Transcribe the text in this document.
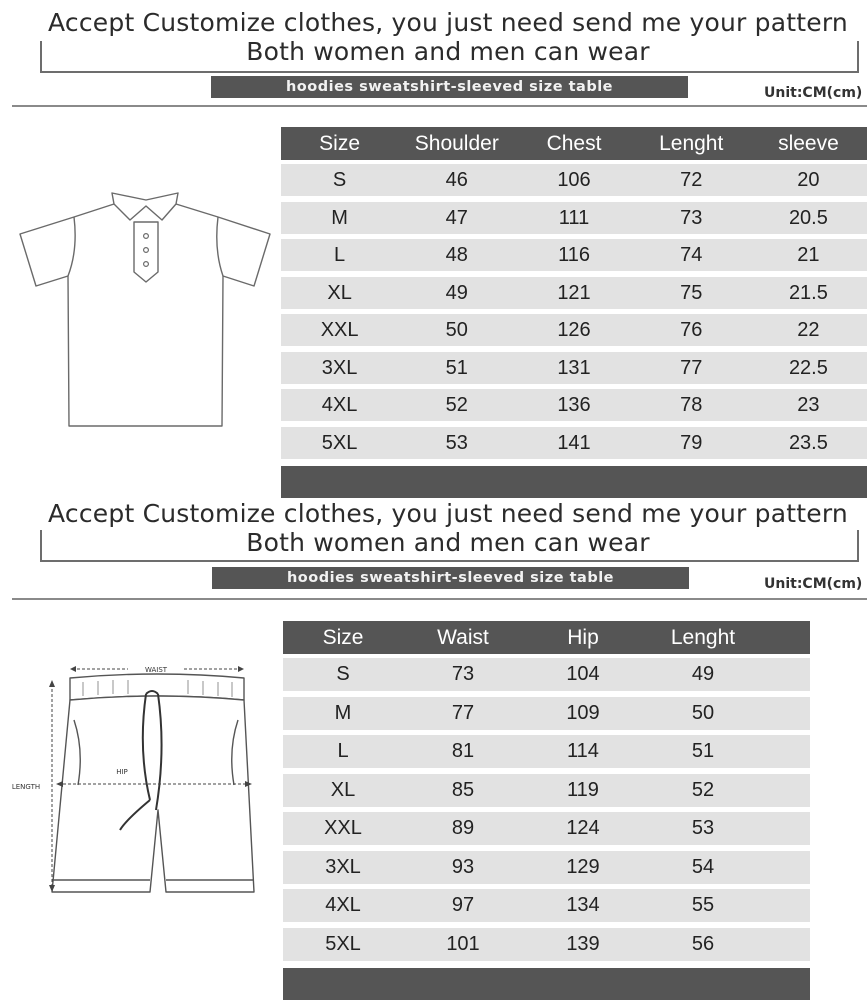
Accept Customize clothes, you just need send me your pattern
Both women and men can wear
hoodies sweatshirt-sleeved size table	Unit:CM(cm)
Size	Shoulder	Chest	Lenght	sleeve
S	46	106	72	20
M	47	111	73	20.5
L	48	116	74	21
XL	49	121	75	21.5
XXL	50	126	76	22
3XL	51	131	77	22.5
4XL	52	136	78	23
5XL	53	141	79	23.5
Accept Customize clothes, you just need send me your pattern
Both women and men can wear
hoodies sweatshirt-sleeved size table	Unit:CM(cm)
WAIST
HIP
LENGTH
Size	Waist	Hip	Lenght
S	73	104	49
M	77	109	50
L	81	114	51
XL	85	119	52
XXL	89	124	53
3XL	93	129	54
4XL	97	134	55
5XL	101	139	56
